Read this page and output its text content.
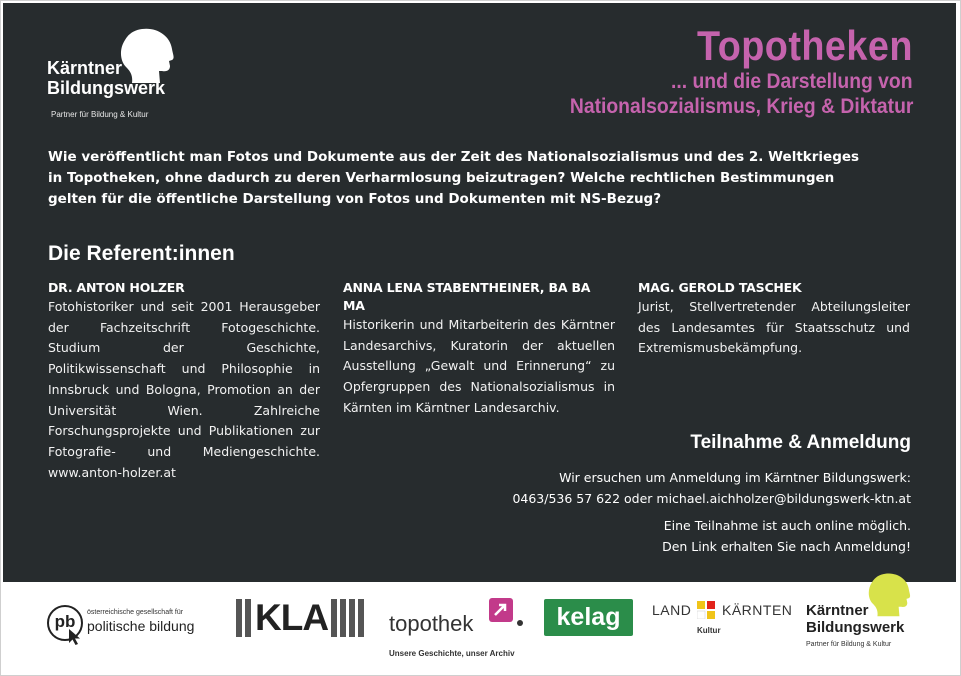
Kärntner
Bildungswerk
Partner für Bildung & Kultur
Topotheken
... und die Darstellung von
Nationalsozialismus, Krieg & Diktatur
Wie veröffentlicht man Fotos und Dokumente aus der Zeit des Nationalsozialismus und des 2. Weltkrieges
in Topotheken, ohne dadurch zu deren Verharmlosung beizutragen? Welche rechtlichen Bestimmungen
gelten für die öffentliche Darstellung von Fotos und Dokumenten mit NS-Bezug?
Die Referent:innen
DR. ANTON HOLZER
Fotohistoriker und seit 2001 Herausgeber der Fachzeitschrift Fotogeschichte. Studium der Geschichte, Politikwissenschaft und Philosophie in Innsbruck und Bologna, Promotion an der Universität Wien. Zahlreiche Forschungsprojekte und Publikationen zur Fotografie- und Mediengeschichte. www.anton-holzer.at
ANNA LENA STABENTHEINER, BA BA MA
Historikerin und Mitarbeiterin des Kärntner Landesarchivs, Kuratorin der aktuellen Ausstellung „Gewalt und Erinnerung“ zu Opfergruppen des Nationalsozialismus in Kärnten im Kärntner Landesarchiv.
MAG. GEROLD TASCHEK
Jurist, Stellvertretender Abteilungsleiter des Landesamtes für Staatsschutz und Extremismusbekämpfung.
Teilnahme & Anmeldung
Wir ersuchen um Anmeldung im Kärntner Bildungswerk:
0463/536 57 622 oder michael.aichholzer@bildungswerk-ktn.at
Eine Teilnahme ist auch online möglich.
Den Link erhalten Sie nach Anmeldung!
pb	österreichische gesellschaft für
politische bildung KLA	topothek
Unsere Geschichte, unser Archiv
kelag	LAND KÄRNTEN
Kultur
Kärntner
Bildungswerk
Partner für Bildung & Kultur
